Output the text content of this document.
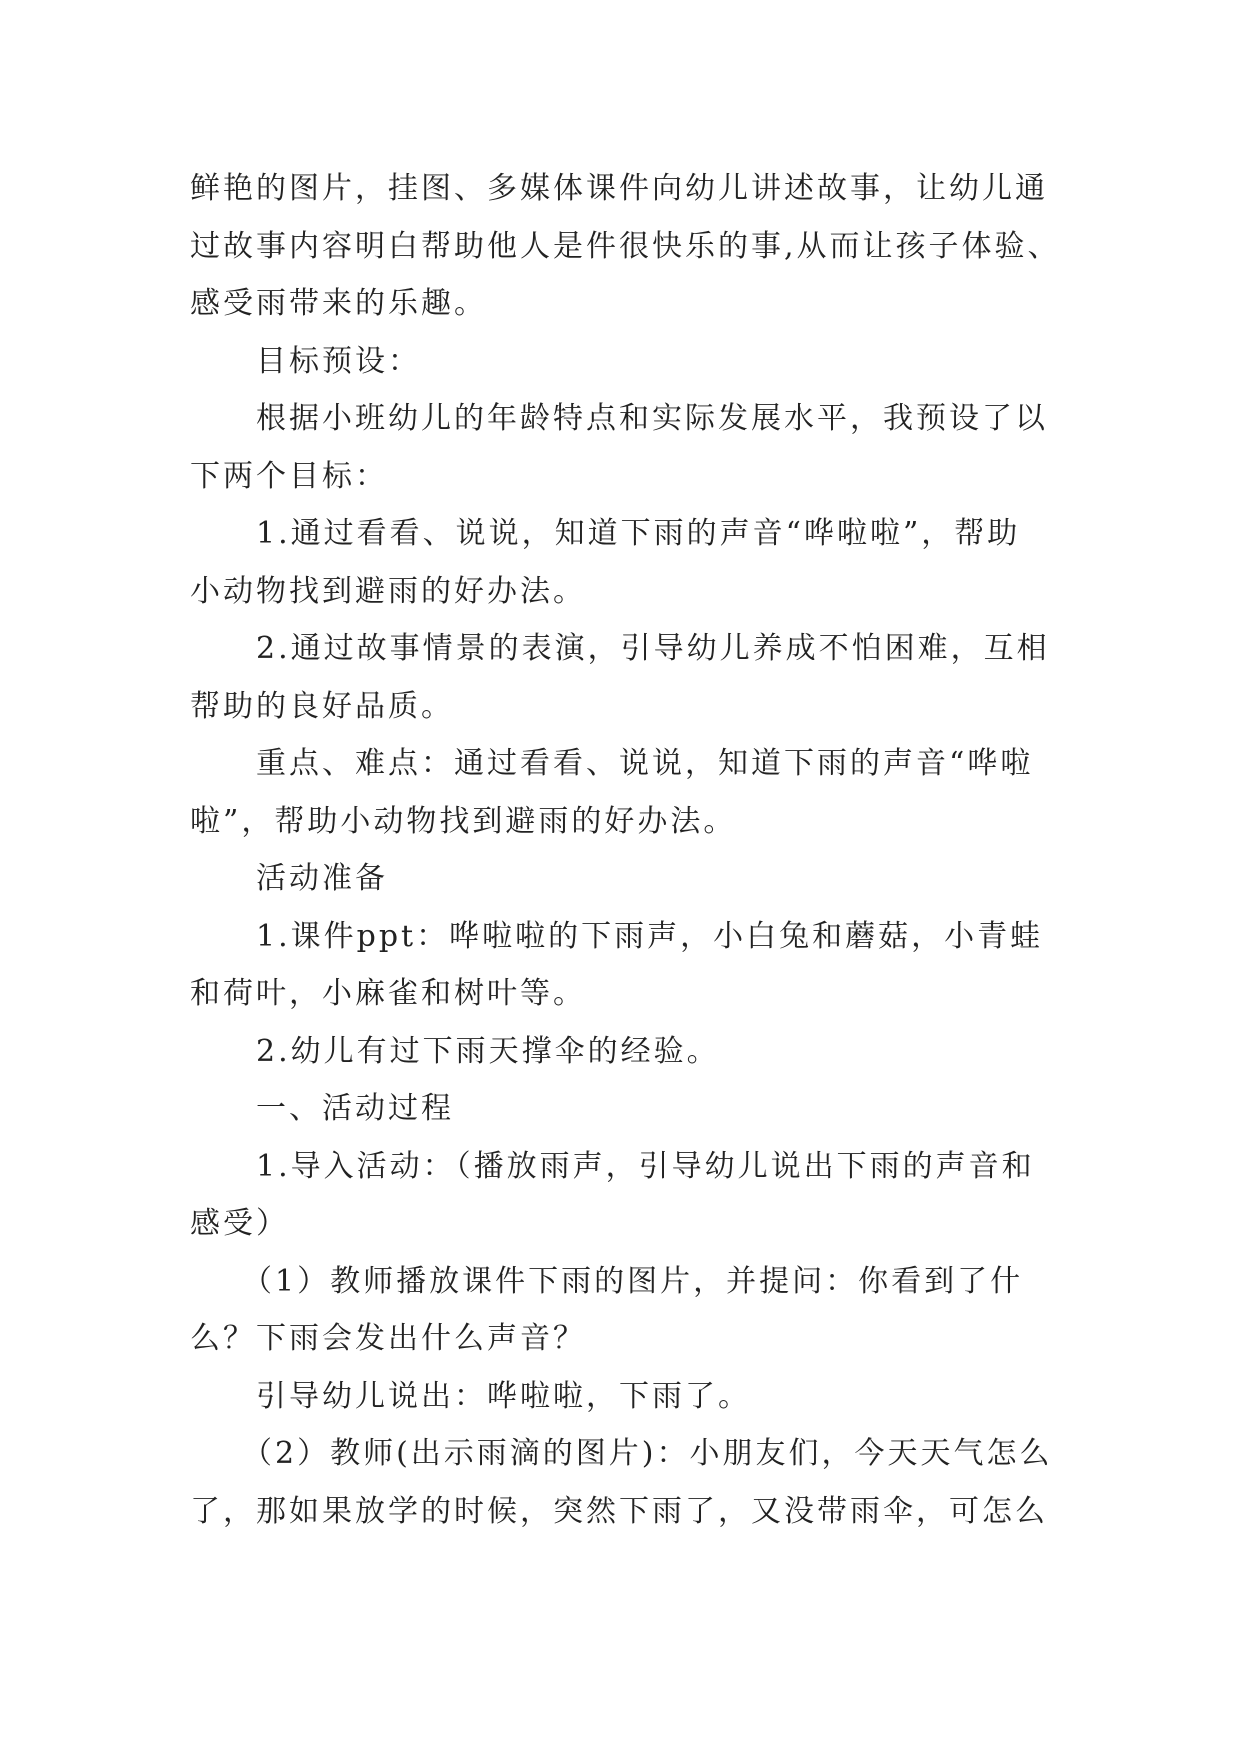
鲜艳的图片，挂图、多媒体课件向幼儿讲述故事，让幼儿通
过故事内容明白帮助他人是件很快乐的事,从而让孩子体验、
感受雨带来的乐趣。
目标预设：
根据小班幼儿的年龄特点和实际发展水平，我预设了以
下两个目标：
1.通过看看、说说，知道下雨的声音“哗啦啦”，帮助
小动物找到避雨的好办法。
2.通过故事情景的表演，引导幼儿养成不怕困难，互相
帮助的良好品质。
重点、难点：通过看看、说说，知道下雨的声音“哗啦
啦”，帮助小动物找到避雨的好办法。
活动准备
1.课件ppt：哗啦啦的下雨声，小白兔和蘑菇，小青蛙
和荷叶，小麻雀和树叶等。
2.幼儿有过下雨天撑伞的经验。
一、活动过程
1.导入活动：（播放雨声，引导幼儿说出下雨的声音和
感受）
（1）教师播放课件下雨的图片，并提问：你看到了什
么？下雨会发出什么声音？
引导幼儿说出：哗啦啦，下雨了。
（2）教师(出示雨滴的图片)：小朋友们，今天天气怎么
了，那如果放学的时候，突然下雨了，又没带雨伞，可怎么
